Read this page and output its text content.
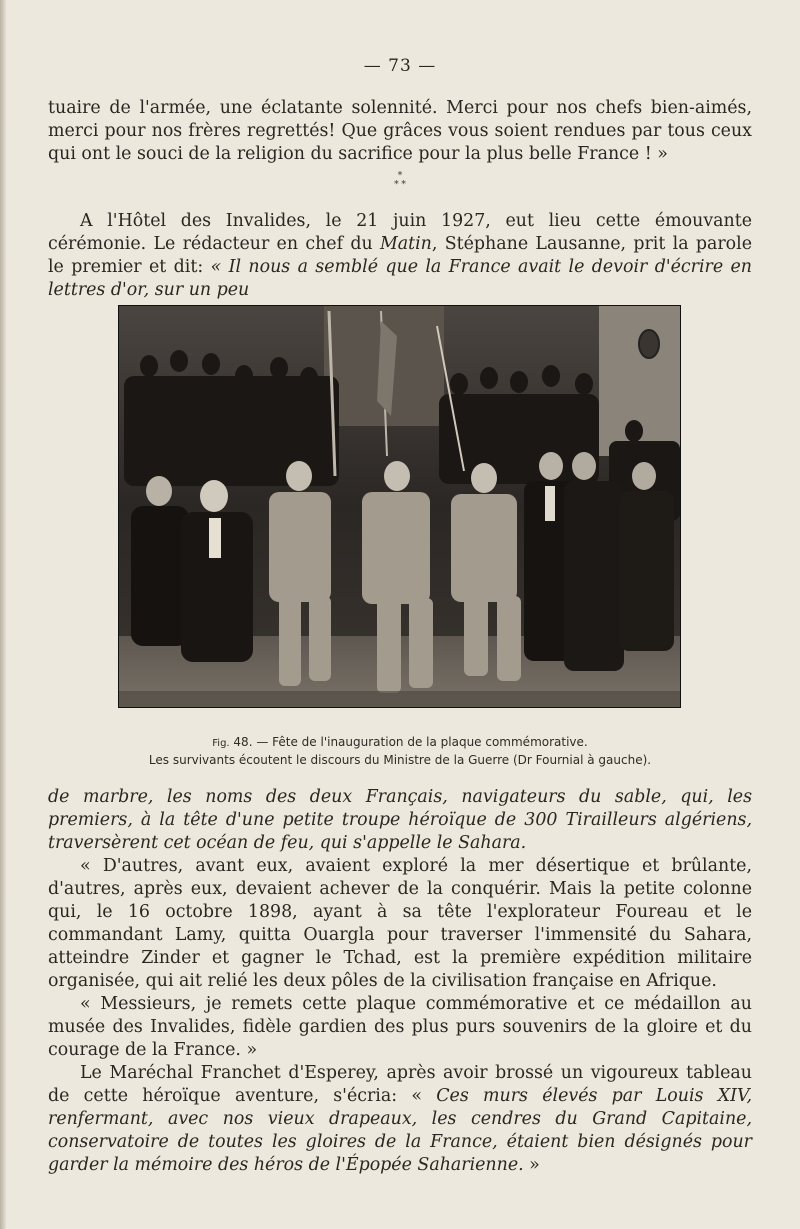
— 73 —

tuaire de l'armée, une éclatante solennité. Merci pour nos chefs bien-aimés, merci pour nos frères regrettés! Que grâces vous soient rendues par tous ceux qui ont le souci de la religion du sacrifice pour la plus belle France ! »

*
* *

A l'Hôtel des Invalides, le 21 juin 1927, eut lieu cette émouvante cérémonie. Le rédacteur en chef du Matin, Stéphane Lausanne, prit la parole le premier et dit: « Il nous a semblé que la France avait le devoir d'écrire en lettres d'or, sur un peu

Fig. 48. — Fête de l'inauguration de la plaque commémorative.
Les survivants écoutent le discours du Ministre de la Guerre (Dr Fournial à gauche).

de marbre, les noms des deux Français, navigateurs du sable, qui, les premiers, à la tête d'une petite troupe héroïque de 300 Tirailleurs algériens, traversèrent cet océan de feu, qui s'appelle le Sahara.

« D'autres, avant eux, avaient exploré la mer désertique et brûlante, d'autres, après eux, devaient achever de la conquérir. Mais la petite colonne qui, le 16 octobre 1898, ayant à sa tête l'explorateur Foureau et le commandant Lamy, quitta Ouargla pour traverser l'immensité du Sahara, atteindre Zinder et gagner le Tchad, est la première expédition militaire organisée, qui ait relié les deux pôles de la civilisation française en Afrique.

« Messieurs, je remets cette plaque commémorative et ce médaillon au musée des Invalides, fidèle gardien des plus purs souvenirs de la gloire et du courage de la France. »

Le Maréchal Franchet d'Esperey, après avoir brossé un vigoureux tableau de cette héroïque aventure, s'écria: « Ces murs élevés par Louis XIV, renfermant, avec nos vieux drapeaux, les cendres du Grand Capitaine, conservatoire de toutes les gloires de la France, étaient bien désignés pour garder la mémoire des héros de l'Épopée Saharienne. »
